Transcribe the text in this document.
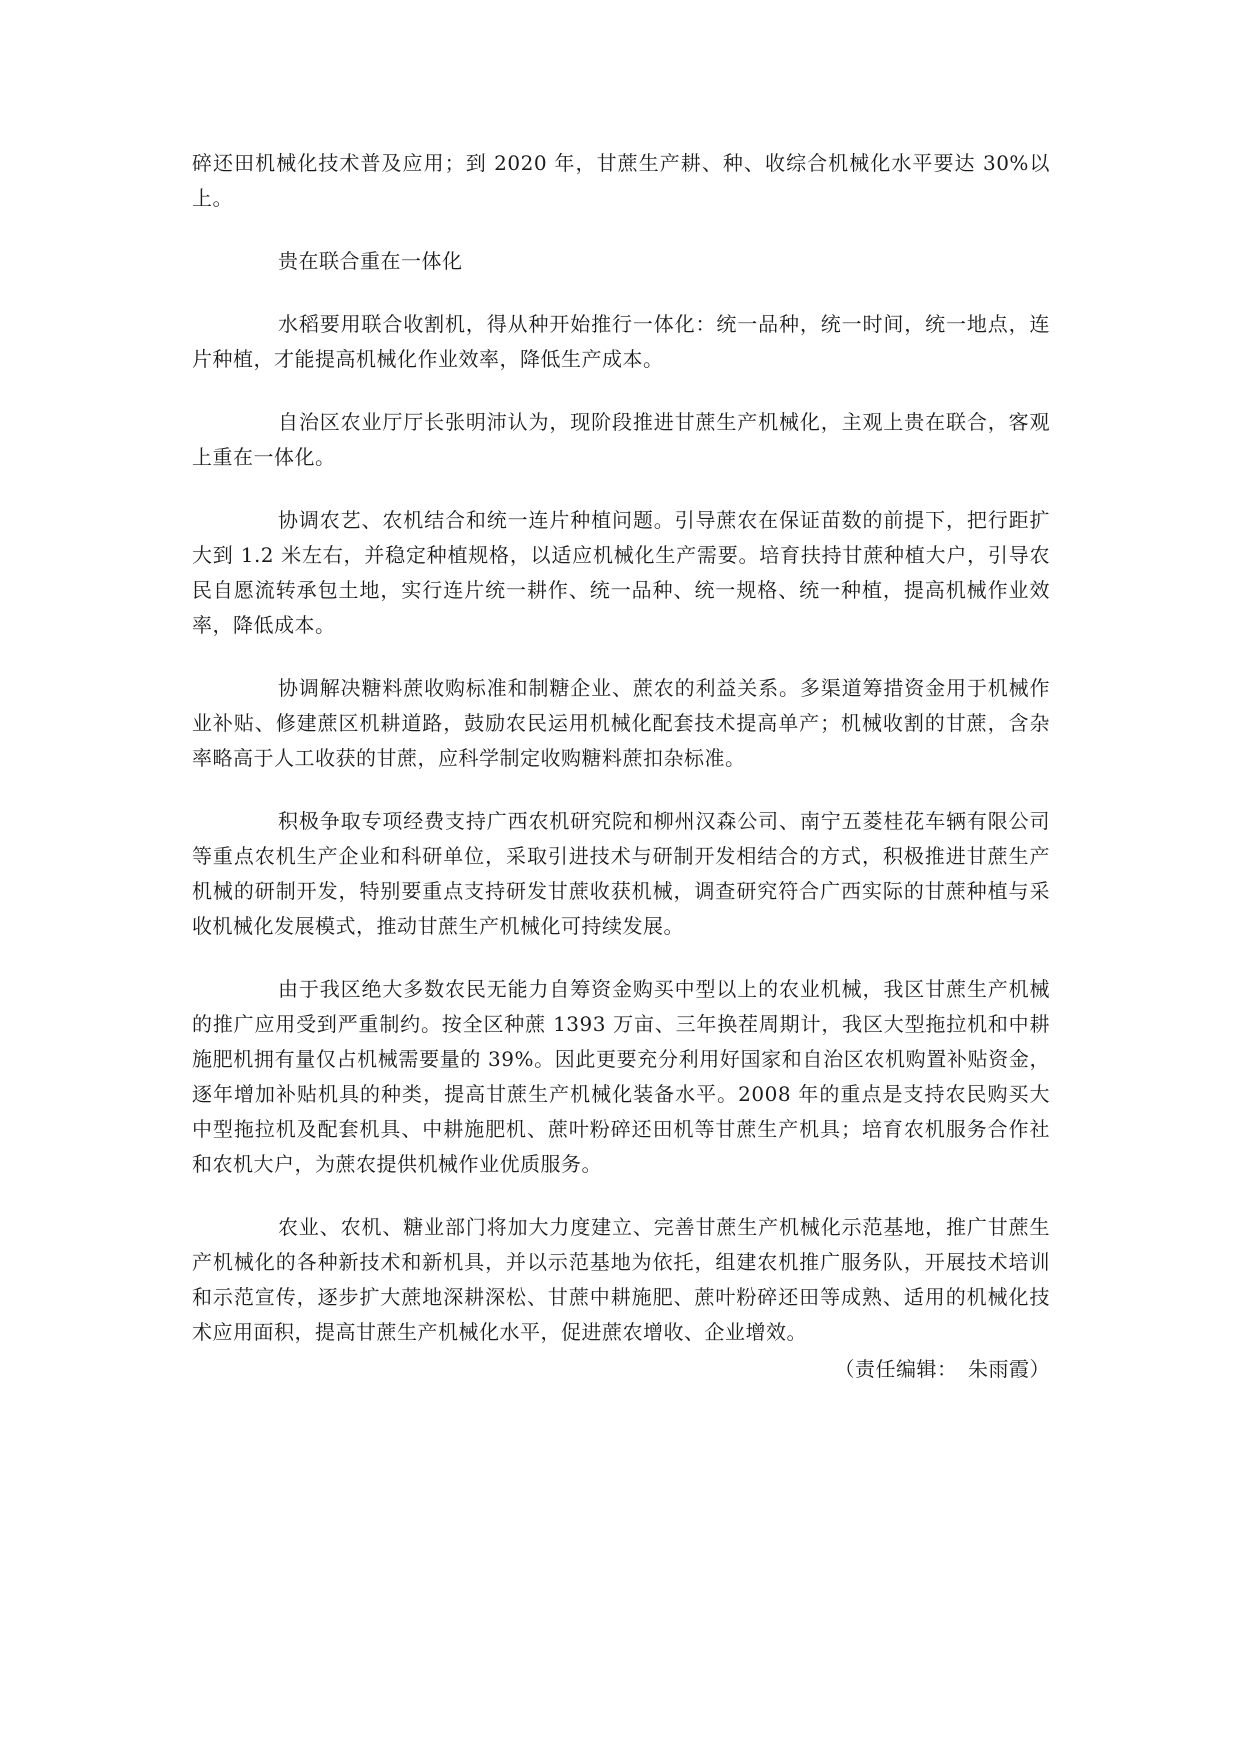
碎还田机械化技术普及应用；到 2020 年，甘蔗生产耕、种、收综合机械化水平要达 30%以上。

贵在联合重在一体化

水稻要用联合收割机，得从种开始推行一体化：统一品种，统一时间，统一地点，连片种植，才能提高机械化作业效率，降低生产成本。

自治区农业厅厅长张明沛认为，现阶段推进甘蔗生产机械化，主观上贵在联合，客观上重在一体化。

协调农艺、农机结合和统一连片种植问题。引导蔗农在保证苗数的前提下，把行距扩大到 1.2 米左右，并稳定种植规格，以适应机械化生产需要。培育扶持甘蔗种植大户，引导农民自愿流转承包土地，实行连片统一耕作、统一品种、统一规格、统一种植，提高机械作业效率，降低成本。

协调解决糖料蔗收购标准和制糖企业、蔗农的利益关系。多渠道筹措资金用于机械作业补贴、修建蔗区机耕道路，鼓励农民运用机械化配套技术提高单产；机械收割的甘蔗，含杂率略高于人工收获的甘蔗，应科学制定收购糖料蔗扣杂标准。

积极争取专项经费支持广西农机研究院和柳州汉森公司、南宁五菱桂花车辆有限公司等重点农机生产企业和科研单位，采取引进技术与研制开发相结合的方式，积极推进甘蔗生产机械的研制开发，特别要重点支持研发甘蔗收获机械，调查研究符合广西实际的甘蔗种植与采收机械化发展模式，推动甘蔗生产机械化可持续发展。

由于我区绝大多数农民无能力自筹资金购买中型以上的农业机械，我区甘蔗生产机械的推广应用受到严重制约。按全区种蔗 1393 万亩、三年换茬周期计，我区大型拖拉机和中耕施肥机拥有量仅占机械需要量的 39%。因此更要充分利用好国家和自治区农机购置补贴资金，逐年增加补贴机具的种类，提高甘蔗生产机械化装备水平。2008 年的重点是支持农民购买大中型拖拉机及配套机具、中耕施肥机、蔗叶粉碎还田机等甘蔗生产机具；培育农机服务合作社和农机大户，为蔗农提供机械作业优质服务。

农业、农机、糖业部门将加大力度建立、完善甘蔗生产机械化示范基地，推广甘蔗生产机械化的各种新技术和新机具，并以示范基地为依托，组建农机推广服务队，开展技术培训和示范宣传，逐步扩大蔗地深耕深松、甘蔗中耕施肥、蔗叶粉碎还田等成熟、适用的机械化技术应用面积，提高甘蔗生产机械化水平，促进蔗农增收、企业增效。

（责任编辑：　朱雨霞）
